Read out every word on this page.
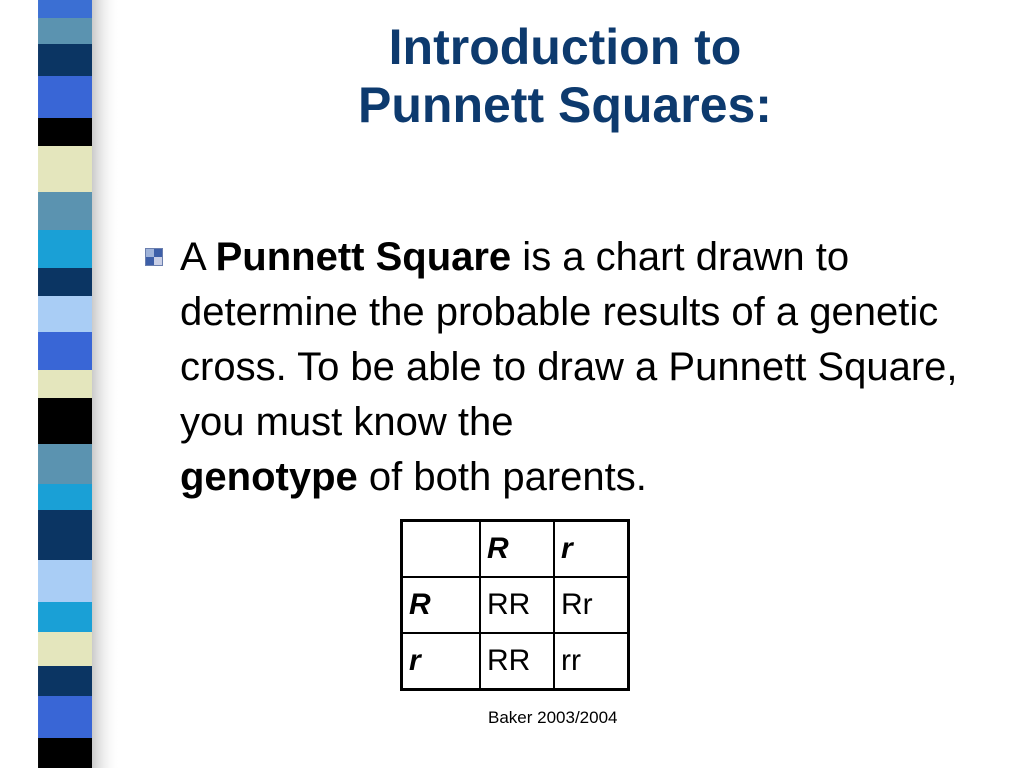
Introduction to
Punnett Squares:
A Punnett Square is a chart drawn to determine the probable results of a genetic cross. To be able to draw a Punnett Square, you must know the
genotype of both parents.
	R	r
R	RR	Rr
r	RR	rr
Baker 2003/2004
